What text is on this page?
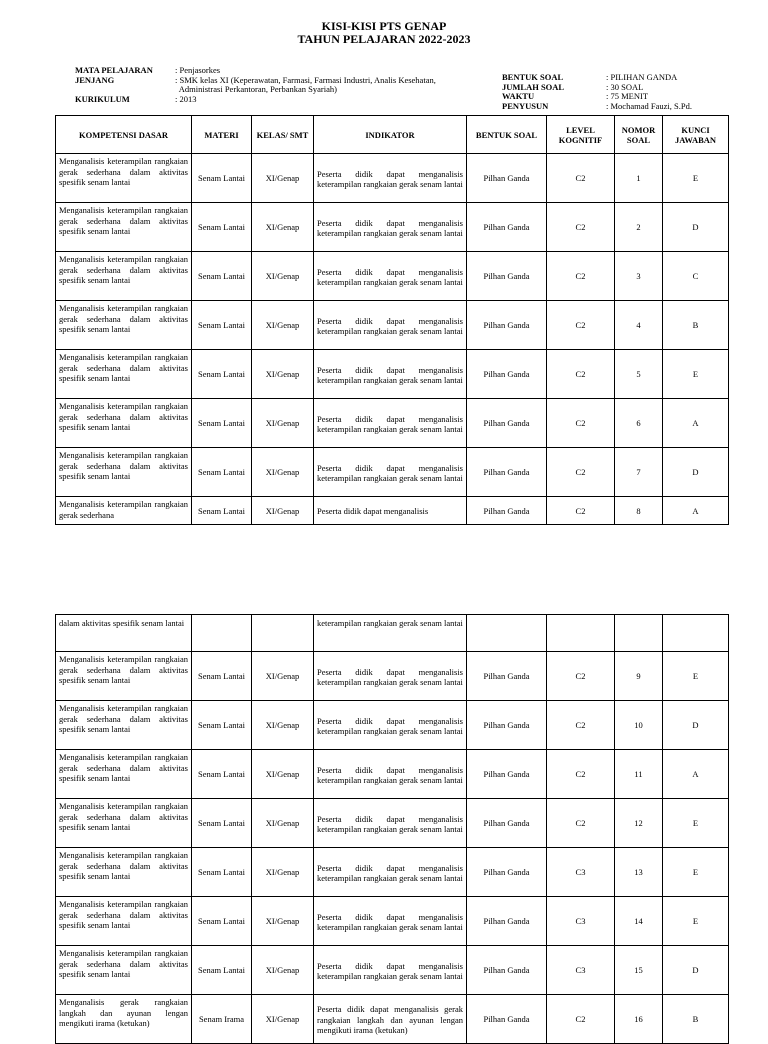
KISI-KISI PTS GENAP
TAHUN PELAJARAN 2022-2023
MATA PELAJARAN	: Penjasorkes
JENJANG	: SMK kelas XI (Keperawatan, Farmasi, Farmasi Industri, Analis Kesehatan,
Administrasi Perkantoran, Perbankan Syariah)
KURIKULUM	: 2013
BENTUK SOAL	: PILIHAN GANDA
JUMLAH SOAL	: 30 SOAL
WAKTU	: 75 MENIT
PENYUSUN	: Mochamad Fauzi, S.Pd.
KOMPETENSI DASAR	MATERI	KELAS/ SMT	INDIKATOR	BENTUK SOAL	LEVEL KOGNITIF	NOMOR SOAL	KUNCI JAWABAN
Menganalisis keterampilan rangkaian gerak sederhana dalam aktivitas spesifik senam lantai	Senam Lantai	XI/Genap	Peserta didik dapat menganalisis keterampilan rangkaian gerak senam lantai	Pilhan Ganda	C2	1	E
Menganalisis keterampilan rangkaian gerak sederhana dalam aktivitas spesifik senam lantai	Senam Lantai	XI/Genap	Peserta didik dapat menganalisis keterampilan rangkaian gerak senam lantai	Pilhan Ganda	C2	2	D
Menganalisis keterampilan rangkaian gerak sederhana dalam aktivitas spesifik senam lantai	Senam Lantai	XI/Genap	Peserta didik dapat menganalisis keterampilan rangkaian gerak senam lantai	Pilhan Ganda	C2	3	C
Menganalisis keterampilan rangkaian gerak sederhana dalam aktivitas spesifik senam lantai	Senam Lantai	XI/Genap	Peserta didik dapat menganalisis keterampilan rangkaian gerak senam lantai	Pilhan Ganda	C2	4	B
Menganalisis keterampilan rangkaian gerak sederhana dalam aktivitas spesifik senam lantai	Senam Lantai	XI/Genap	Peserta didik dapat menganalisis keterampilan rangkaian gerak senam lantai	Pilhan Ganda	C2	5	E
Menganalisis keterampilan rangkaian gerak sederhana dalam aktivitas spesifik senam lantai	Senam Lantai	XI/Genap	Peserta didik dapat menganalisis keterampilan rangkaian gerak senam lantai	Pilhan Ganda	C2	6	A
Menganalisis keterampilan rangkaian gerak sederhana dalam aktivitas spesifik senam lantai	Senam Lantai	XI/Genap	Peserta didik dapat menganalisis keterampilan rangkaian gerak senam lantai	Pilhan Ganda	C2	7	D
Menganalisis keterampilan rangkaian gerak sederhana	Senam Lantai	XI/Genap	Peserta didik dapat menganalisis	Pilhan Ganda	C2	8	A
dalam aktivitas spesifik senam lantai			keterampilan rangkaian gerak senam lantai				
Menganalisis keterampilan rangkaian gerak sederhana dalam aktivitas spesifik senam lantai	Senam Lantai	XI/Genap	Peserta didik dapat menganalisis keterampilan rangkaian gerak senam lantai	Pilhan Ganda	C2	9	E
Menganalisis keterampilan rangkaian gerak sederhana dalam aktivitas spesifik senam lantai	Senam Lantai	XI/Genap	Peserta didik dapat menganalisis keterampilan rangkaian gerak senam lantai	Pilhan Ganda	C2	10	D
Menganalisis keterampilan rangkaian gerak sederhana dalam aktivitas spesifik senam lantai	Senam Lantai	XI/Genap	Peserta didik dapat menganalisis keterampilan rangkaian gerak senam lantai	Pilhan Ganda	C2	11	A
Menganalisis keterampilan rangkaian gerak sederhana dalam aktivitas spesifik senam lantai	Senam Lantai	XI/Genap	Peserta didik dapat menganalisis keterampilan rangkaian gerak senam lantai	Pilhan Ganda	C2	12	E
Menganalisis keterampilan rangkaian gerak sederhana dalam aktivitas spesifik senam lantai	Senam Lantai	XI/Genap	Peserta didik dapat menganalisis keterampilan rangkaian gerak senam lantai	Pilhan Ganda	C3	13	E
Menganalisis keterampilan rangkaian gerak sederhana dalam aktivitas spesifik senam lantai	Senam Lantai	XI/Genap	Peserta didik dapat menganalisis keterampilan rangkaian gerak senam lantai	Pilhan Ganda	C3	14	E
Menganalisis keterampilan rangkaian gerak sederhana dalam aktivitas spesifik senam lantai	Senam Lantai	XI/Genap	Peserta didik dapat menganalisis keterampilan rangkaian gerak senam lantai	Pilhan Ganda	C3	15	D
Menganalisis gerak rangkaian langkah dan ayunan lengan mengikuti irama (ketukan)	Senam Irama	XI/Genap	Peserta didik dapat menganalisis gerak rangkaian langkah dan ayunan lengan mengikuti irama (ketukan)	Pilhan Ganda	C2	16	B
